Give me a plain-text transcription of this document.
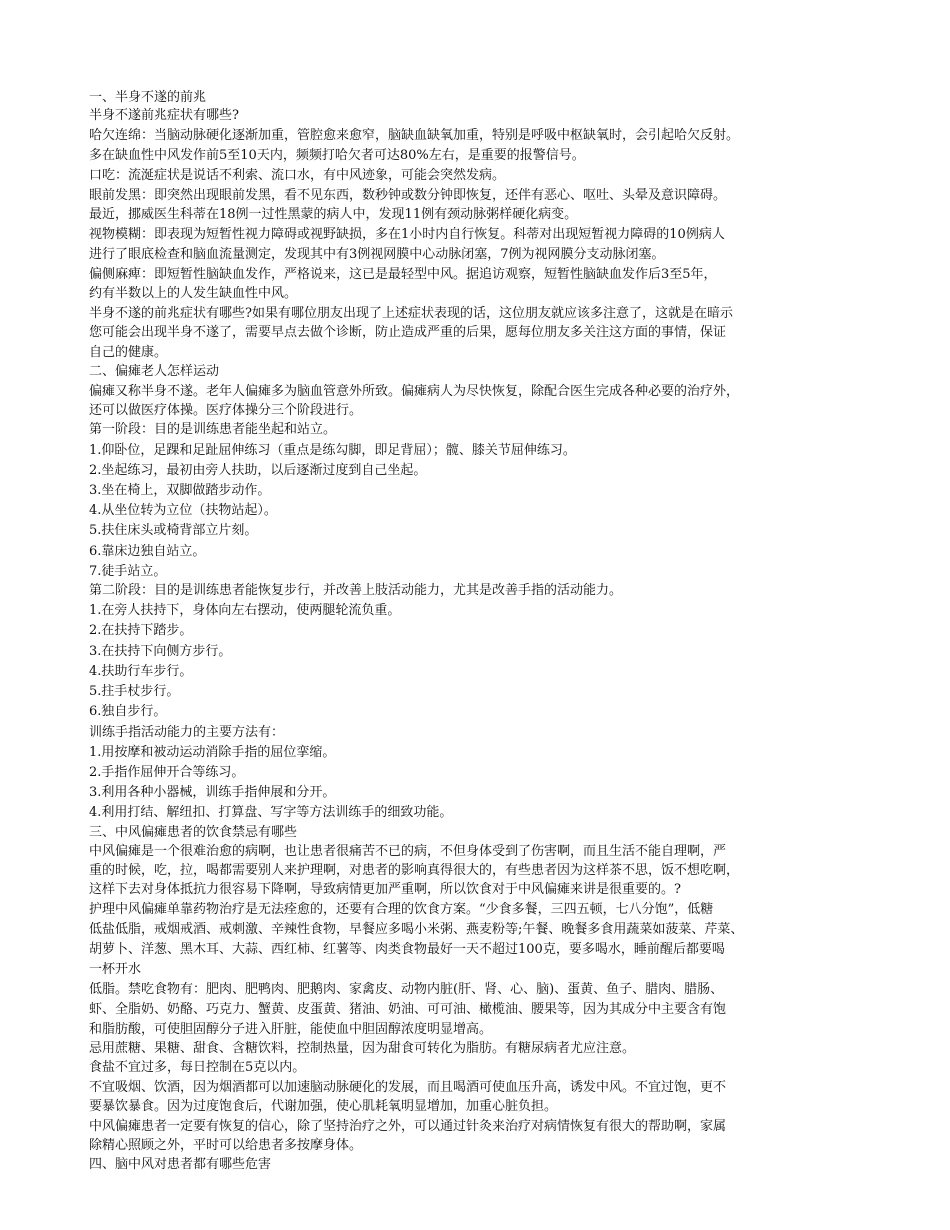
一、半身不遂的前兆

半身不遂前兆症状有哪些?

哈欠连绵：当脑动脉硬化逐渐加重，管腔愈来愈窄，脑缺血缺氧加重，特别是呼吸中枢缺氧时，会引起哈欠反射。

多在缺血性中风发作前5至10天内，频频打哈欠者可达80%左右，是重要的报警信号。

口吃：流涎症状是说话不利索、流口水，有中风迹象，可能会突然发病。

眼前发黑：即突然出现眼前发黑，看不见东西，数秒钟或数分钟即恢复，还伴有恶心、呕吐、头晕及意识障碍。

最近，挪威医生科蒂在18例一过性黑蒙的病人中，发现11例有颈动脉粥样硬化病变。

视物模糊：即表现为短暂性视力障碍或视野缺损，多在1小时内自行恢复。科蒂对出现短暂视力障碍的10例病人

进行了眼底检查和脑血流量测定，发现其中有3例视网膜中心动脉闭塞，7例为视网膜分支动脉闭塞。

偏侧麻痺：即短暂性脑缺血发作，严格说来，这已是最轻型中风。据追访观察，短暂性脑缺血发作后3至5年，

约有半数以上的人发生缺血性中风。

半身不遂的前兆症状有哪些?如果有哪位朋友出现了上述症状表现的话，这位朋友就应该多注意了，这就是在暗示

您可能会出现半身不遂了，需要早点去做个诊断，防止造成严重的后果，愿每位朋友多关注这方面的事情，保证

自己的健康。

二、偏瘫老人怎样运动

偏瘫又称半身不遂。老年人偏瘫多为脑血管意外所致。偏瘫病人为尽快恢复，除配合医生完成各种必要的治疗外，

还可以做医疗体操。医疗体操分三个阶段进行。

第一阶段：目的是训练患者能坐起和站立。

1.仰卧位，足踝和足趾屈伸练习（重点是练勾脚，即足背屈）；髋、膝关节屈伸练习。

2.坐起练习，最初由旁人扶助，以后逐渐过度到自己坐起。

3.坐在椅上，双脚做踏步动作。

4.从坐位转为立位（扶物站起）。

5.扶住床头或椅背部立片刻。

6.靠床边独自站立。

7.徒手站立。

第二阶段：目的是训练患者能恢复步行，并改善上肢活动能力，尤其是改善手指的活动能力。

1.在旁人扶持下，身体向左右摆动，使两腿轮流负重。

2.在扶持下踏步。

3.在扶持下向侧方步行。

4.扶助行车步行。

5.拄手杖步行。

6.独自步行。

训练手指活动能力的主要方法有：

1.用按摩和被动运动消除手指的屈位挛缩。

2.手指作屈伸开合等练习。

3.利用各种小器械，训练手指伸展和分开。

4.利用打结、解纽扣、打算盘、写字等方法训练手的细致功能。

三、中风偏瘫患者的饮食禁忌有哪些

中风偏瘫是一个很难治愈的病啊，也让患者很痛苦不已的病，不但身体受到了伤害啊，而且生活不能自理啊，严

重的时候，吃，拉，喝都需要别人来护理啊，对患者的影响真得很大的，有些患者因为这样茶不思，饭不想吃啊，

这样下去对身体抵抗力很容易下降啊，导致病情更加严重啊，所以饮食对于中风偏瘫来讲是很重要的。?

护理中风偏瘫单靠药物治疗是无法痊愈的，还要有合理的饮食方案。“少食多餐，三四五顿，七八分饱”，低糖

低盐低脂，戒烟戒酒、戒刺激、辛辣性食物，早餐应多喝小米粥、燕麦粉等;午餐、晚餐多食用蔬菜如菠菜、芹菜、

胡萝卜、洋葱、黑木耳、大蒜、西红柿、红薯等、肉类食物最好一天不超过100克，要多喝水，睡前醒后都要喝

一杯开水

低脂。禁吃食物有：肥肉、肥鸭肉、肥鹅肉、家禽皮、动物内脏(肝、肾、心、脑)、蛋黄、鱼子、腊肉、腊肠、

虾、全脂奶、奶酪、巧克力、蟹黄、皮蛋黄、猪油、奶油、可可油、橄榄油、腰果等，因为其成分中主要含有饱

和脂肪酸，可使胆固醇分子进入肝脏，能使血中胆固醇浓度明显增高。

忌用蔗糖、果糖、甜食、含糖饮料，控制热量，因为甜食可转化为脂肪。有糖尿病者尤应注意。

食盐不宜过多，每日控制在5克以内。

不宜吸烟、饮酒，因为烟酒都可以加速脑动脉硬化的发展，而且喝酒可使血压升高，诱发中风。不宜过饱，更不

要暴饮暴食。因为过度饱食后，代谢加强，使心肌耗氧明显增加，加重心脏负担。

中风偏瘫患者一定要有恢复的信心，除了坚持治疗之外，可以通过针灸来治疗对病情恢复有很大的帮助啊，家属

除精心照顾之外，平时可以给患者多按摩身体。

四、脑中风对患者都有哪些危害
